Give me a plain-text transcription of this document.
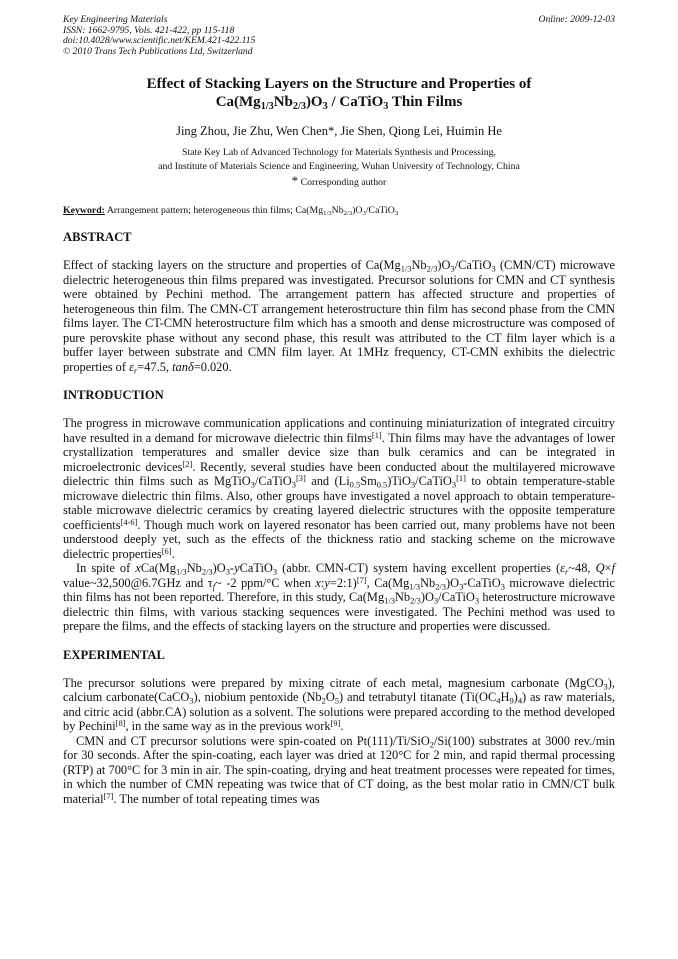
Key Engineering Materials	Online: 2009-12-03
ISSN: 1662-9795, Vols. 421-422, pp 115-118
doi:10.4028/www.scientific.net/KEM.421-422.115
© 2010 Trans Tech Publications Ltd, Switzerland
Effect of Stacking Layers on the Structure and Properties of
$Ca(Mg_{1/3}Nb_{2/3})O_3$ / CaTiO$_3$ Thin Films
Jing Zhou, Jie Zhu, Wen Chen*, Jie Shen, Qiong Lei, Huimin He
State Key Lab of Advanced Technology for Materials Synthesis and Processing,
and Institute of Materials Science and Engineering, Wuhan University of Technology, China
* Corresponding author
Keyword: Arrangement pattern; heterogeneous thin films; $Ca(Mg_{1/3}Nb_{2/3})O_3/CaTiO_3$
ABSTRACT

Effect of stacking layers on the structure and properties of $Ca(Mg_{1/3}Nb_{2/3})O_3/CaTiO_3$ (CMN/CT) microwave dielectric heterogeneous thin films prepared was investigated. Precursor solutions for CMN and CT synthesis were obtained by Pechini method. The arrangement pattern has affected structure and properties of heterogeneous thin film. The CMN-CT arrangement heterostructure thin film has second phase from the CMN films layer. The CT-CMN heterostructure film which has a smooth and dense microstructure was composed of pure perovskite phase without any second phase, this result was attributed to the CT film layer which is a buffer layer between substrate and CMN film layer. At 1MHz frequency, CT-CMN exhibits the dielectric properties of $\varepsilon_r=47.5$, tanδ=0.020.

INTRODUCTION

The progress in microwave communication applications and continuing miniaturization of integrated circuitry have resulted in a demand for microwave dielectric thin films[1]. Thin films may have the advantages of lower crystallization temperatures and smaller device size than bulk ceramics and can be integrated in microelectronic devices[2]. Recently, several studies have been conducted about the multilayered microwave dielectric thin films such as MgTiO$_3$/CaTiO$_3$[3] and $(Li_{0.5}Sm_{0.5})TiO_3/CaTiO_3[1]$ to obtain temperature-stable microwave dielectric thin films. Also, other groups have investigated a novel approach to obtain temperature-stable microwave dielectric ceramics by creating layered dielectric structures with the opposite temperature coefficients[4-6]. Though much work on layered resonator has been carried out, many problems have not been understood deeply yet, such as the effects of the thickness ratio and stacking scheme on the microwave dielectric properties[6].

In spite of $xCa(Mg_{1/3}Nb_{2/3})O_3-yCaTiO_3$ (abbr. CMN-CT) system having excellent properties ($\varepsilon_r\sim 48$, Q×f value~32,500@6.7GHz and $\tau_f\sim$ -2 ppm/°C when x:y=2:1)[7], $Ca(Mg_{1/3}Nb_{2/3})O_3-CaTiO_3$ microwave dielectric thin films has not been reported. Therefore, in this study, $Ca(Mg_{1/3}Nb_{2/3})O_3/CaTiO_3$ heterostructure microwave dielectric thin films, with various stacking sequences were investigated. The Pechini method was used to prepare the films, and the effects of stacking layers on the structure and properties were discussed.

EXPERIMENTAL

The precursor solutions were prepared by mixing citrate of each metal, magnesium carbonate (MgCO$_3$), calcium carbonate(CaCO$_3$), niobium pentoxide $(Nb_2O_5)$ and tetrabutyl titanate $(Ti(OC_4H_9)_4)$ as raw materials, and citric acid (abbr.CA) solution as a solvent. The solutions were prepared according to the method developed by Pechini[8], in the same way as in the previous work[9].

CMN and CT precursor solutions were spin-coated on Pt(111)/Ti/SiO$_2$/Si(100) substrates at 3000 rev./min for 30 seconds. After the spin-coating, each layer was dried at 120°C for 2 min, and rapid thermal processing (RTP) at 700°C for 3 min in air. The spin-coating, drying and heat treatment processes were repeated for times, in which the number of CMN repeating was twice that of CT doing, as the best molar ratio in CMN/CT bulk material[7]. The number of total repeating times was
